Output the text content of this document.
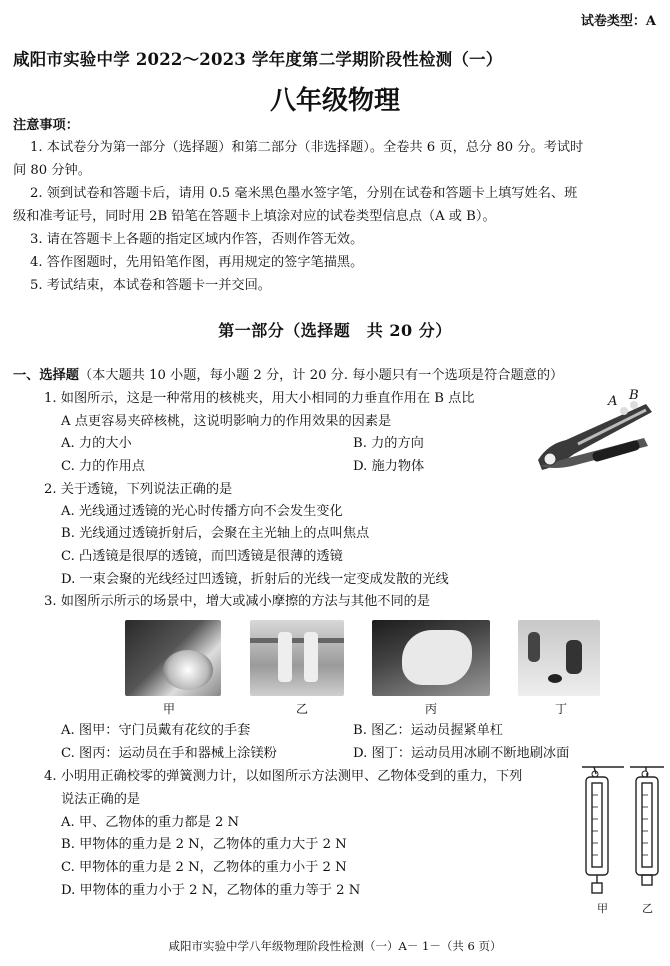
试卷类型：A
咸阳市实验中学 2022～2023 学年度第二学期阶段性检测（一）
八年级物理
注意事项：
1. 本试卷分为第一部分（选择题）和第二部分（非选择题）。全卷共 6 页，总分 80 分。考试时
间 80 分钟。
2. 领到试卷和答题卡后，请用 0.5 毫米黑色墨水签字笔，分别在试卷和答题卡上填写姓名、班
级和准考证号，同时用 2B 铅笔在答题卡上填涂对应的试卷类型信息点（A 或 B）。
3. 请在答题卡上各题的指定区域内作答，否则作答无效。
4. 答作图题时，先用铅笔作图，再用规定的签字笔描黑。
5. 考试结束，本试卷和答题卡一并交回。
第一部分（选择题　共 20 分）
一、选择题（本大题共 10 小题，每小题 2 分，计 20 分. 每小题只有一个选项是符合题意的）
1. 如图所示，这是一种常用的核桃夹，用大小相同的力垂直作用在 B 点比
A 点更容易夹碎核桃，这说明影响力的作用效果的因素是
A. 力的大小	B. 力的方向
C. 力的作用点	D. 施力物体
A B
2. 关于透镜，下列说法正确的是
A. 光线通过透镜的光心时传播方向不会发生变化
B. 光线通过透镜折射后，会聚在主光轴上的点叫焦点
C. 凸透镜是很厚的透镜，而凹透镜是很薄的透镜
D. 一束会聚的光线经过凹透镜，折射后的光线一定变成发散的光线
3. 如图所示所示的场景中，增大或减小摩擦的方法与其他不同的是
甲	乙	丙	丁
A. 图甲：守门员戴有花纹的手套	B. 图乙：运动员握紧单杠
C. 图丙：运动员在手和器械上涂镁粉	D. 图丁：运动员用冰刷不断地刷冰面
4. 小明用正确校零的弹簧测力计，以如图所示方法测甲、乙物体受到的重力，下列
说法正确的是
A. 甲、乙物体的重力都是 2 N
B. 甲物体的重力是 2 N，乙物体的重力大于 2 N
C. 甲物体的重力是 2 N，乙物体的重力小于 2 N
D. 甲物体的重力小于 2 N，乙物体的重力等于 2 N
甲	乙
咸阳市实验中学八年级物理阶段性检测（一）A－ 1－（共 6 页）
